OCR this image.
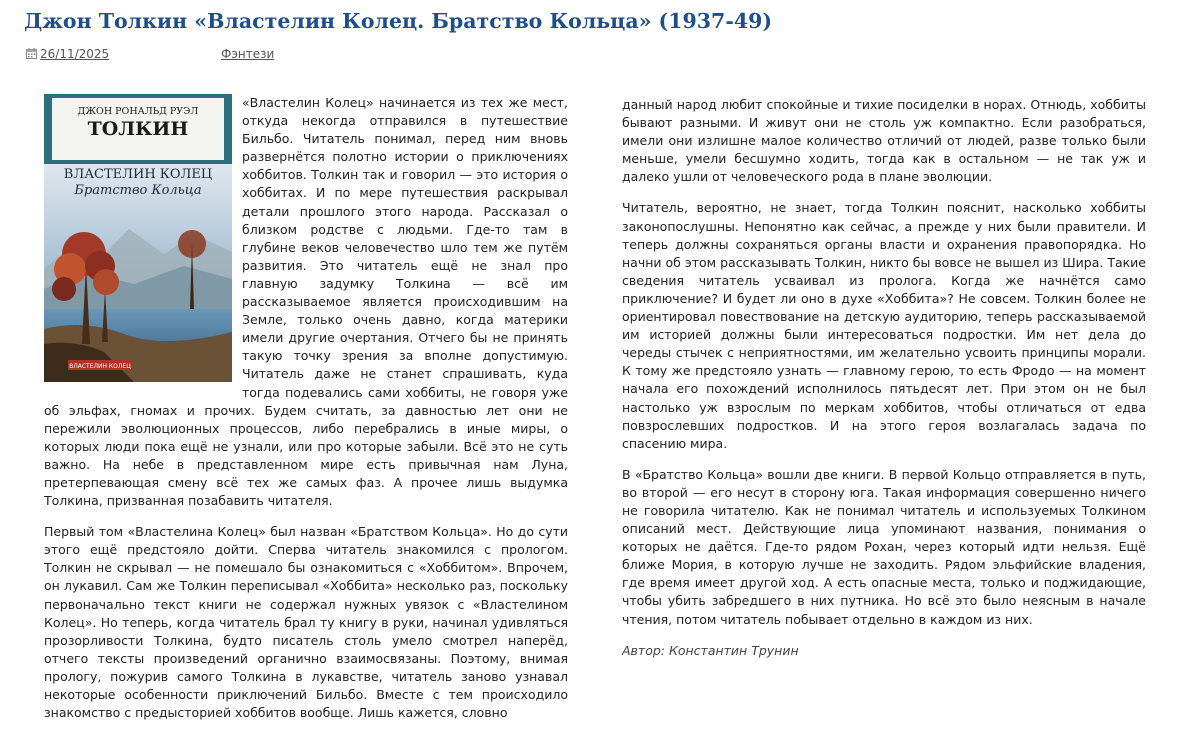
Джон Толкин «Властелин Колец. Братство Кольца» (1937-49)
26/11/2025	Фэнтези
ДЖОН РОНАЛЬД РУЭЛ
ТОЛКИН
ВЛАСТЕЛИН КОЛЕЦ
Братство Кольца
ВЛАСТЕЛИН КОЛЕЦ

«Властелин Колец» начинается из тех же мест, откуда некогда отправился в путешествие Бильбо. Читатель понимал, перед ним вновь развернётся полотно истории о приключениях хоббитов. Толкин так и говорил — это история о хоббитах. И по мере путешествия раскрывал детали прошлого этого народа. Рассказал о близком родстве с людьми. Где-то там в глубине веков человечество шло тем же путём развития. Это читатель ещё не знал про главную задумку Толкина — всё им рассказываемое является происходившим на Земле, только очень давно, когда материки имели другие очертания. Отчего бы не принять такую точку зрения за вполне допустимую. Читатель даже не станет спрашивать, куда тогда подевались сами хоббиты, не говоря уже об эльфах, гномах и прочих. Будем считать, за давностью лет они не пережили эволюционных процессов, либо перебрались в иные миры, о которых люди пока ещё не узнали, или про которые забыли. Всё это не суть важно. На небе в представленном мире есть привычная нам Луна, претерпевающая смену всё тех же самых фаз. А прочее лишь выдумка Толкина, призванная позабавить читателя.

Первый том «Властелина Колец» был назван «Братством Кольца». Но до сути этого ещё предстояло дойти. Сперва читатель знакомился с прологом. Толкин не скрывал — не помешало бы ознакомиться с «Хоббитом». Впрочем, он лукавил. Сам же Толкин переписывал «Хоббита» несколько раз, поскольку первоначально текст книги не содержал нужных увязок с «Властелином Колец». Но теперь, когда читатель брал ту книгу в руки, начинал удивляться прозорливости Толкина, будто писатель столь умело смотрел наперёд, отчего тексты произведений органично взаимосвязаны. Поэтому, внимая прологу, пожурив самого Толкина в лукавстве, читатель заново узнавал некоторые особенности приключений Бильбо. Вместе с тем происходило знакомство с предысторией хоббитов вообще. Лишь кажется, словно

данный народ любит спокойные и тихие посиделки в норах. Отнюдь, хоббиты бывают разными. И живут они не столь уж компактно. Если разобраться, имели они излишне малое количество отличий от людей, разве только были меньше, умели бесшумно ходить, тогда как в остальном — не так уж и далеко ушли от человеческого рода в плане эволюции.

Читатель, вероятно, не знает, тогда Толкин пояснит, насколько хоббиты законопослушны. Непонятно как сейчас, а прежде у них были правители. И теперь должны сохраняться органы власти и охранения правопорядка. Но начни об этом рассказывать Толкин, никто бы вовсе не вышел из Шира. Такие сведения читатель усваивал из пролога. Когда же начнётся само приключение? И будет ли оно в духе «Хоббита»? Не совсем. Толкин более не ориентировал повествование на детскую аудиторию, теперь рассказываемой им историей должны были интересоваться подростки. Им нет дела до череды стычек с неприятностями, им желательно усвоить принципы морали. К тому же предстояло узнать — главному герою, то есть Фродо — на момент начала его похождений исполнилось пятьдесят лет. При этом он не был настолько уж взрослым по меркам хоббитов, чтобы отличаться от едва повзрослевших подростков. И на этого героя возлагалась задача по спасению мира.

В «Братство Кольца» вошли две книги. В первой Кольцо отправляется в путь, во второй — его несут в сторону юга. Такая информация совершенно ничего не говорила читателю. Как не понимал читатель и используемых Толкином описаний мест. Действующие лица упоминают названия, понимания о которых не даётся. Где-то рядом Рохан, через который идти нельзя. Ещё ближе Мория, в которую лучше не заходить. Рядом эльфийские владения, где время имеет другой ход. А есть опасные места, только и поджидающие, чтобы убить забредшего в них путника. Но всё это было неясным в начале чтения, потом читатель побывает отдельно в каждом из них.

Автор: Константин Трунин
